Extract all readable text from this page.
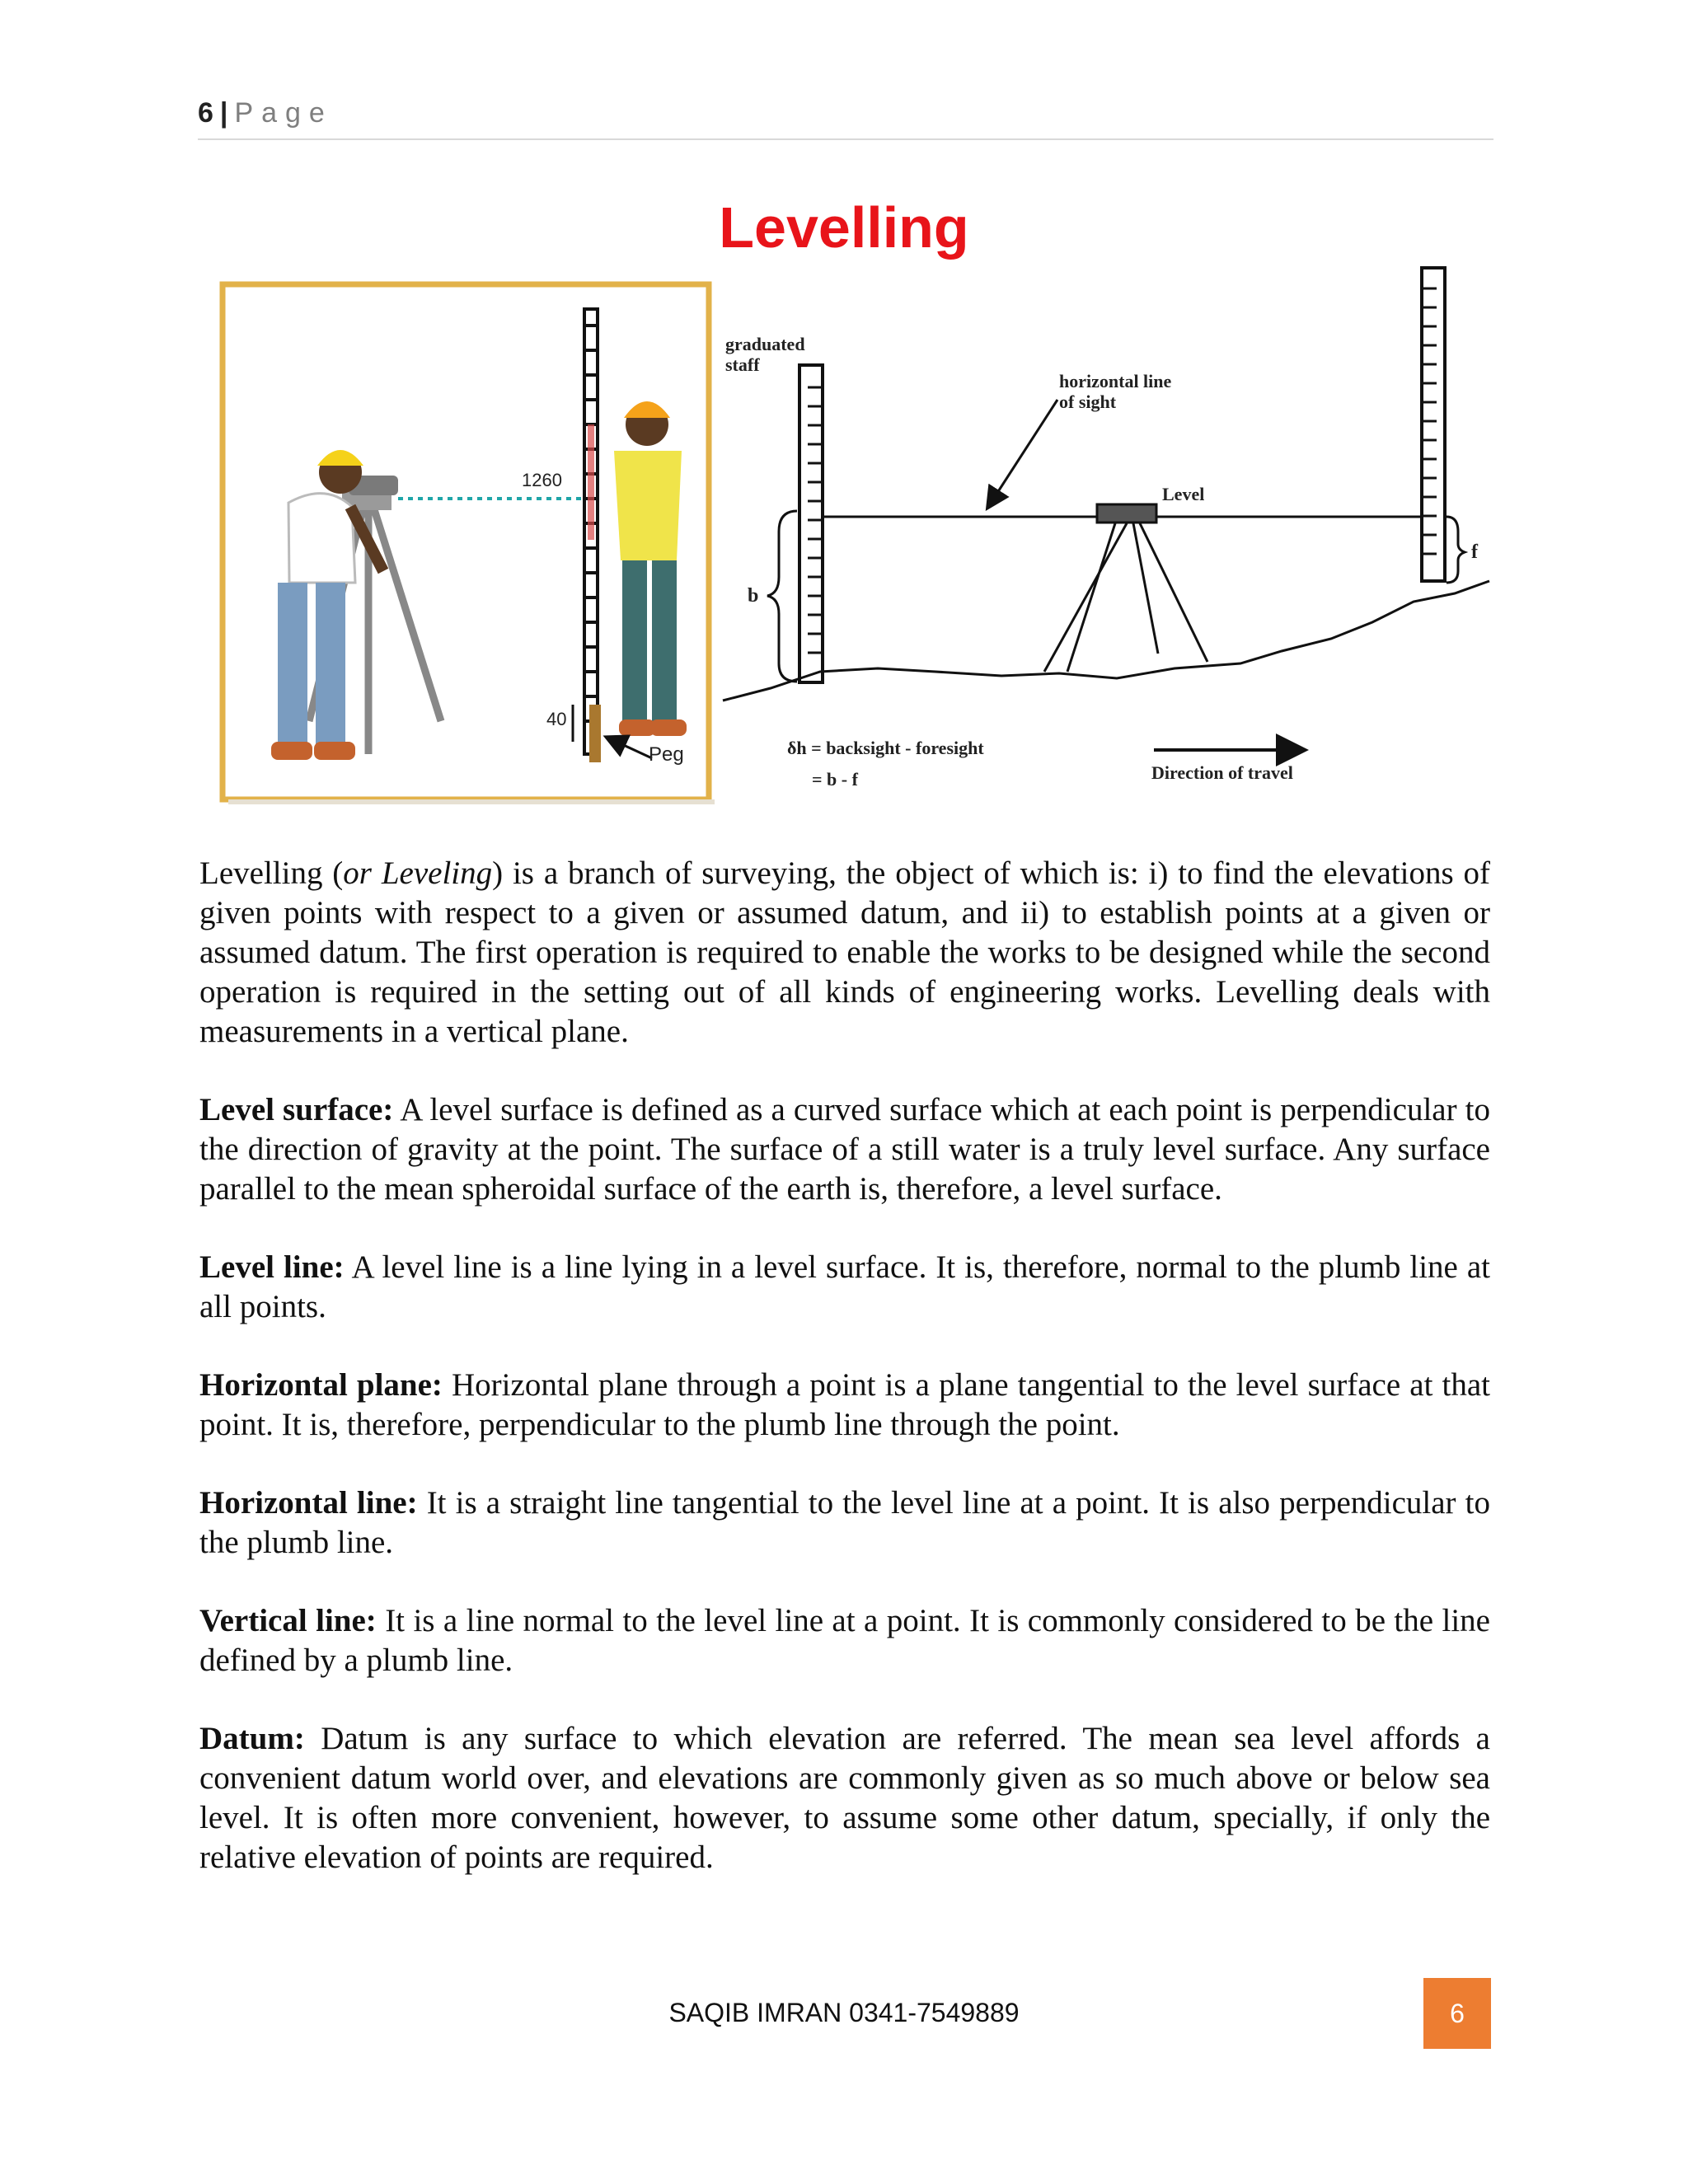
6 | Page
Levelling
1260
40
Peg
graduated
staff
Level
horizontal line
of sight
b
f
δh = backsight - foresight
= b - f	Direction of travel

Levelling (or Leveling) is a branch of surveying, the object of which is: i) to find the elevations of given points with respect to a given or assumed datum, and ii) to establish points at a given or assumed datum. The first operation is required to enable the works to be designed while the second operation is required in the setting out of all kinds of engineering works. Levelling deals with measurements in a vertical plane.

Level surface: A level surface is defined as a curved surface which at each point is perpendicular to the direction of gravity at the point. The surface of a still water is a truly level surface. Any surface parallel to the mean spheroidal surface of the earth is, therefore, a level surface.

Level line: A level line is a line lying in a level surface. It is, therefore, normal to the plumb line at all points.

Horizontal plane: Horizontal plane through a point is a plane tangential to the level surface at that point. It is, therefore, perpendicular to the plumb line through the point.

Horizontal line: It is a straight line tangential to the level line at a point. It is also perpendicular to the plumb line.

Vertical line: It is a line normal to the level line at a point. It is commonly considered to be the line defined by a plumb line.

Datum: Datum is any surface to which elevation are referred. The mean sea level affords a convenient datum world over, and elevations are commonly given as so much above or below sea level. It is often more convenient, however, to assume some other datum, specially, if only the relative elevation of points are required.

SAQIB IMRAN 0341-7549889	6
